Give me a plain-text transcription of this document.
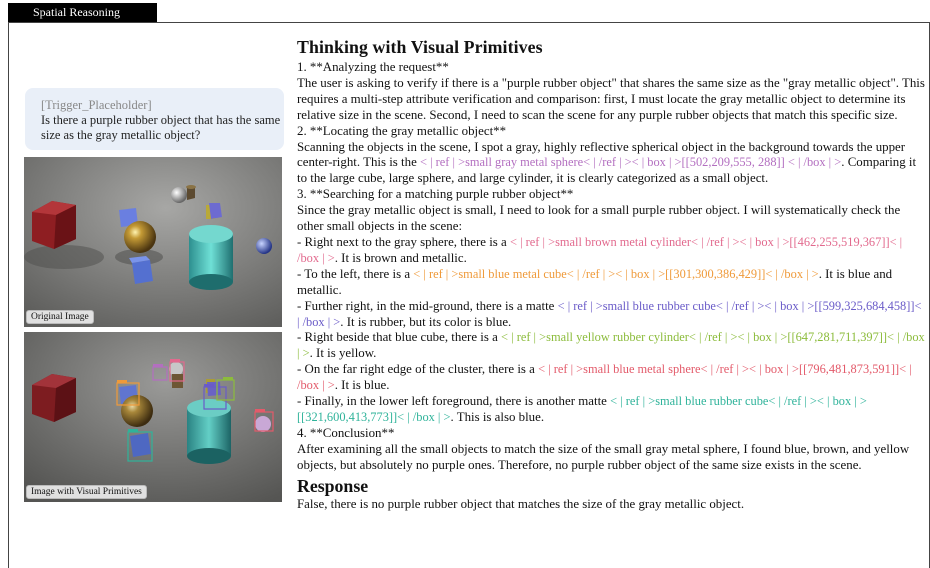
Spatial Reasoning
[Trigger_Placeholder]
Is there a purple rubber object that has the same size as the gray metallic object?
Original Image
Image with Visual Primitives
Thinking with Visual Primitives

1. **Analyzing the request**

The user is asking to verify if there is a "purple rubber object" that shares the same size as the "gray metallic object". This requires a multi-step attribute verification and comparison: first, I must locate the gray metallic object to determine its relative size in the scene. Second, I need to scan the scene for any purple rubber objects that match this specific size.

2. **Locating the gray metallic object**

Scanning the objects in the scene, I spot a gray, highly reflective spherical object in the background towards the upper center-right. This is the < | ref | >small gray metal sphere< | /ref | >< | box | >[[502,209,555, 288]] < | /box | >. Comparing it to the large cube, large sphere, and large cylinder, it is clearly categorized as a small object.

3. **Searching for a matching purple rubber object**

Since the gray metallic object is small, I need to look for a small purple rubber object. I will systematically check the other small objects in the scene:

- Right next to the gray sphere, there is a < | ref | >small brown metal cylinder< | /ref | >< | box | >[[462,255,519,367]]< | /box | >. It is brown and metallic.

- To the left, there is a < | ref | >small blue metal cube< | /ref | >< | box | >[[301,300,386,429]]< | /box | >. It is blue and metallic.

- Further right, in the mid-ground, there is a matte < | ref | >small blue rubber cube< | /ref | >< | box | >[[599,325,684,458]]< | /box | >. It is rubber, but its color is blue.

- Right beside that blue cube, there is a < | ref | >small yellow rubber cylinder< | /ref | >< | box | >[[647,281,711,397]]< | /box | >. It is yellow.

- On the far right edge of the cluster, there is a < | ref | >small blue metal sphere< | /ref | >< | box | >[[796,481,873,591]]< | /box | >. It is blue.

- Finally, in the lower left foreground, there is another matte < | ref | >small blue rubber cube< | /ref | >< | box | >[[321,600,413,773]]< | /box | >. This is also blue.

4. **Conclusion**

After examining all the small objects to match the size of the small gray metal sphere, I found blue, brown, and yellow objects, but absolutely no purple ones. Therefore, no purple rubber object of the same size exists in the scene.

Response

False, there is no purple rubber object that matches the size of the gray metallic object.
